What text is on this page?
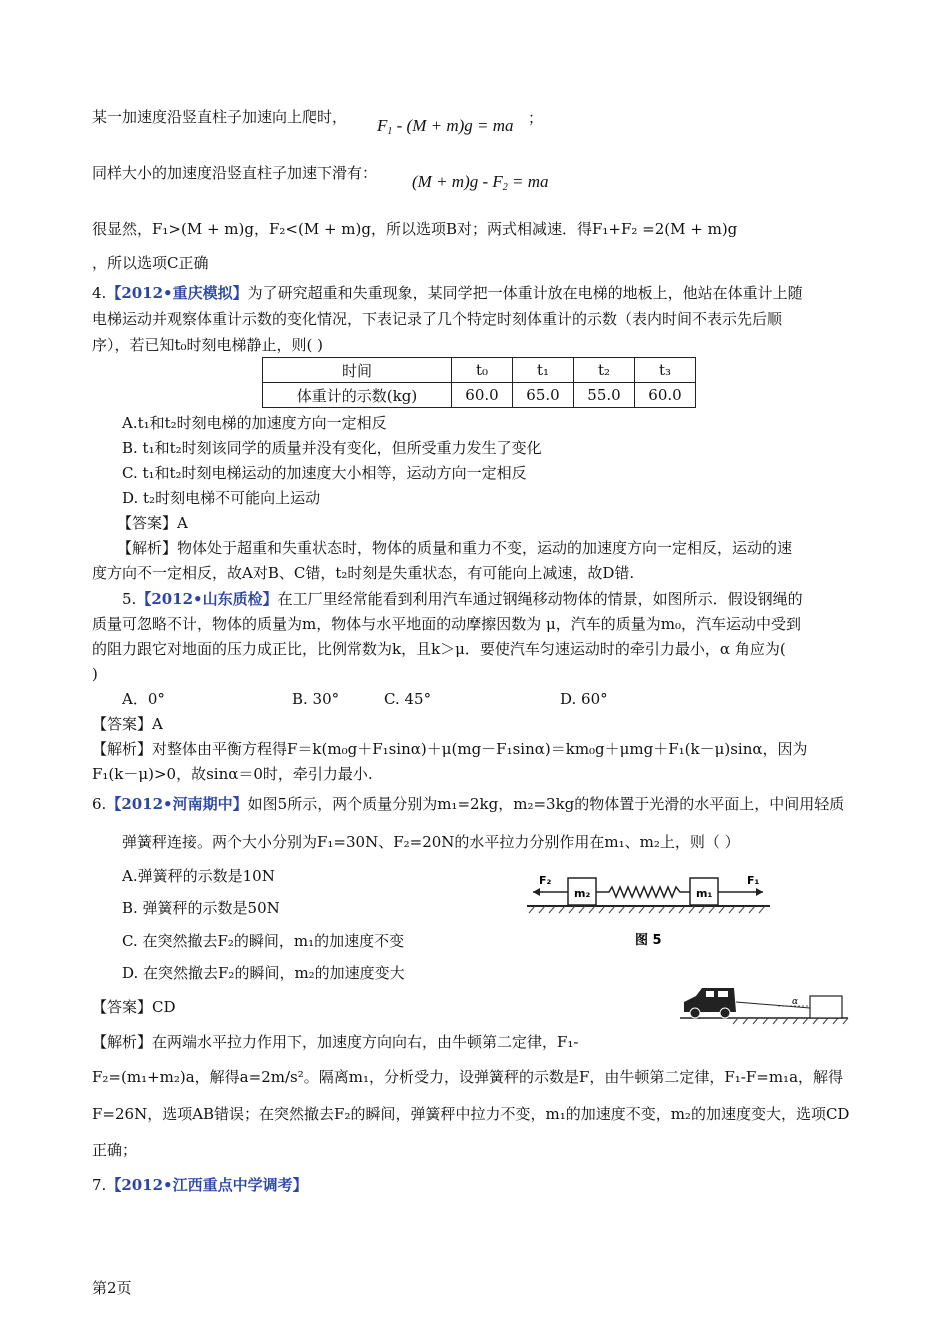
某一加速度沿竖直柱子加速向上爬时， $F_1 - (M + m)g$ = ma ；
同样大小的加速度沿竖直柱子加速下滑有： $(M + m)g - F_2$ = ma
很显然，F₁>(M + m)g，F₂<(M + m)g，所以选项B对；两式相减速．得F₁+F₂ =2(M + m)g
，所以选项C正确
4.【2012•重庆模拟】为了研究超重和失重现象，某同学把一体重计放在电梯的地板上，他站在体重计上随
电梯运动并观察体重计示数的变化情况，下表记录了几个特定时刻体重计的示数（表内时间不表示先后顺
序），若已知t₀时刻电梯静止，则( )
时间	t₀	t₁	t₂	t₃
体重计的示数(kg)	60.0	65.0	55.0	60.0
A.t₁和t₂时刻电梯的加速度方向一定相反
B. t₁和t₂时刻该同学的质量并没有变化，但所受重力发生了变化
C. t₁和t₂时刻电梯运动的加速度大小相等，运动方向一定相反
D. t₂时刻电梯不可能向上运动
【答案】A
【解析】物体处于超重和失重状态时，物体的质量和重力不变，运动的加速度方向一定相反，运动的速
度方向不一定相反，故A对B、C错，t₂时刻是失重状态，有可能向上减速，故D错.
5.【2012•山东质检】在工厂里经常能看到利用汽车通过钢绳移动物体的情景，如图所示．假设钢绳的
质量可忽略不计，物体的质量为m，物体与水平地面的动摩擦因数为 μ，汽车的质量为m₀，汽车运动中受到
的阻力跟它对地面的压力成正比，比例常数为k，且k＞μ．要使汽车匀速运动时的牵引力最小，α 角应为(
)
A．0°	B. 30°	C. 45°	D. 60°
【答案】A
【解析】对整体由平衡方程得F＝k(m₀g＋F₁sinα)＋μ(mg－F₁sinα)＝km₀g＋μmg＋F₁(k－μ)sinα，因为
F₁(k－μ)>0，故sinα＝0时，牵引力最小.
6.【2012•河南期中】如图5所示，两个质量分别为m₁=2kg，m₂=3kg的物体置于光滑的水平面上，中间用轻质
弹簧秤连接。两个大小分别为F₁=30N、F₂=20N的水平拉力分别作用在m₁、m₂上，则（ ）
A.弹簧秤的示数是10N
B. 弹簧秤的示数是50N
C. 在突然撤去F₂的瞬间，m₁的加速度不变
D. 在突然撤去F₂的瞬间，m₂的加速度变大
【答案】CD
【解析】在两端水平拉力作用下，加速度方向向右，由牛顿第二定律，F₁-
F₂=(m₁+m₂)a，解得a=2m/s²。隔离m₁，分析受力，设弹簧秤的示数是F，由牛顿第二定律，F₁-F=m₁a，解得
F=26N，选项AB错误；在突然撤去F₂的瞬间，弹簧秤中拉力不变，m₁的加速度不变，m₂的加速度变大，选项CD
正确；
F₂	F₁
m₂	m₁
图 5
α
7.【2012•江西重点中学调考】
第2页
